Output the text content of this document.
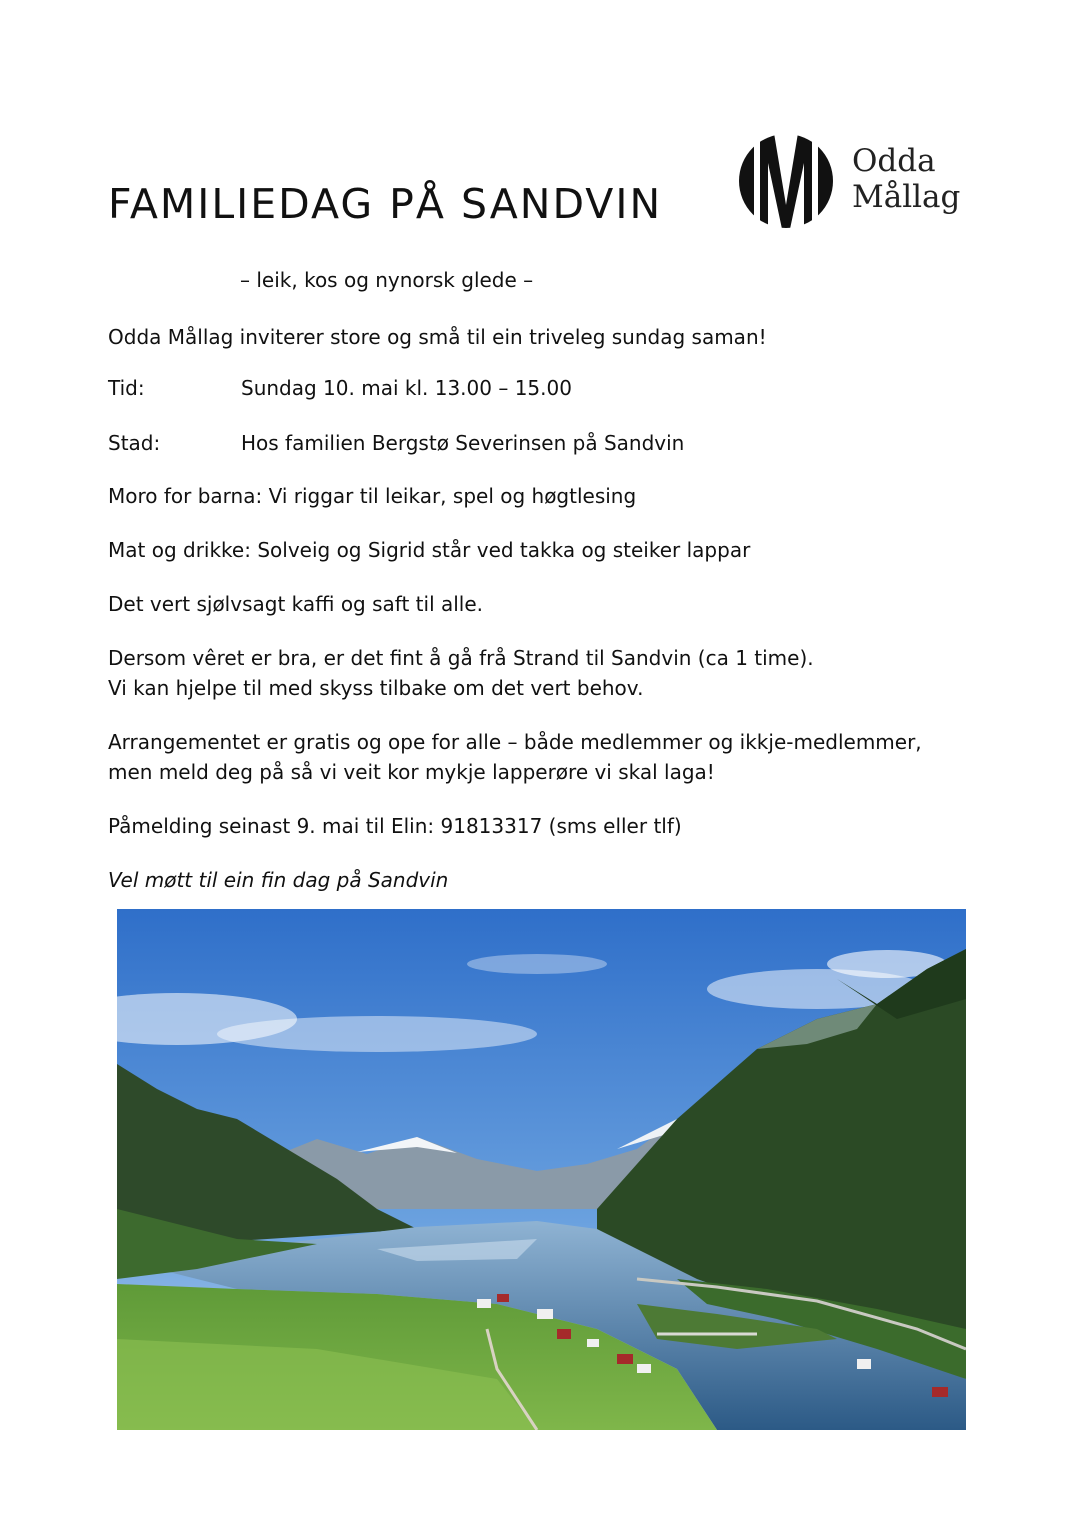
FAMILIEDAG PÅ SANDVIN
Odda
Mållag
– leik, kos og nynorsk glede –
Odda Mållag inviterer store og små til ein triveleg sundag saman!
Tid:	Sundag 10. mai kl. 13.00 – 15.00
Stad:	Hos familien Bergstø Severinsen på Sandvin
Moro for barna: Vi riggar til leikar, spel og høgtlesing
Mat og drikke: Solveig og Sigrid står ved takka og steiker lappar
Det vert sjølvsagt kaffi og saft til alle.
Dersom vêret er bra, er det fint å gå frå Strand til Sandvin (ca 1 time).
Vi kan hjelpe til med skyss tilbake om det vert behov.
Arrangementet er gratis og ope for alle – både medlemmer og ikkje-medlemmer,
men meld deg på så vi veit kor mykje lapperøre vi skal laga!
Påmelding seinast 9. mai til Elin: 91813317 (sms eller tlf)
Vel møtt til ein fin dag på Sandvin
